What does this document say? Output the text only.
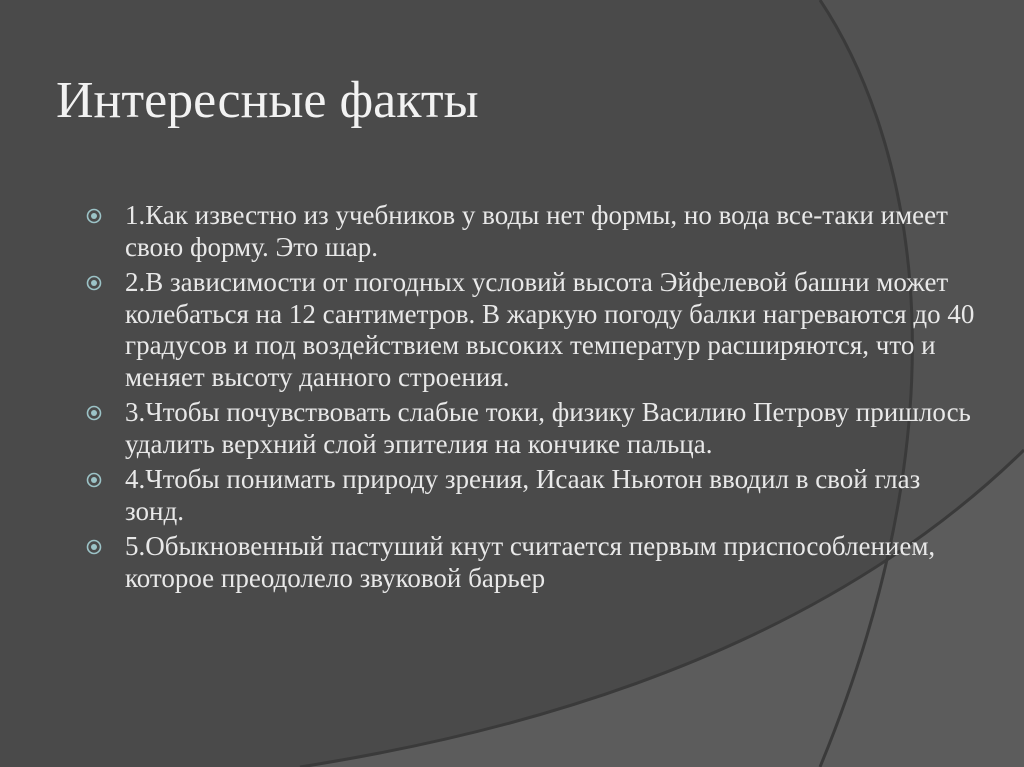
Интересные факты
1.Как известно из учебников у воды нет формы, но вода все-таки имеет свою форму. Это шар.
2.В зависимости от погодных условий высота Эйфелевой башни может колебаться на 12 сантиметров. В жаркую погоду балки нагреваются до 40 градусов и под воздействием высоких температур расширяются, что и меняет высоту данного строения.
3.Чтобы почувствовать слабые токи, физику Василию Петрову пришлось удалить верхний слой эпителия на кончике пальца.
4.Чтобы понимать природу зрения, Исаак Ньютон вводил в свой глаз зонд.
5.Обыкновенный пастуший кнут считается первым приспособлением, которое преодолело звуковой барьер
